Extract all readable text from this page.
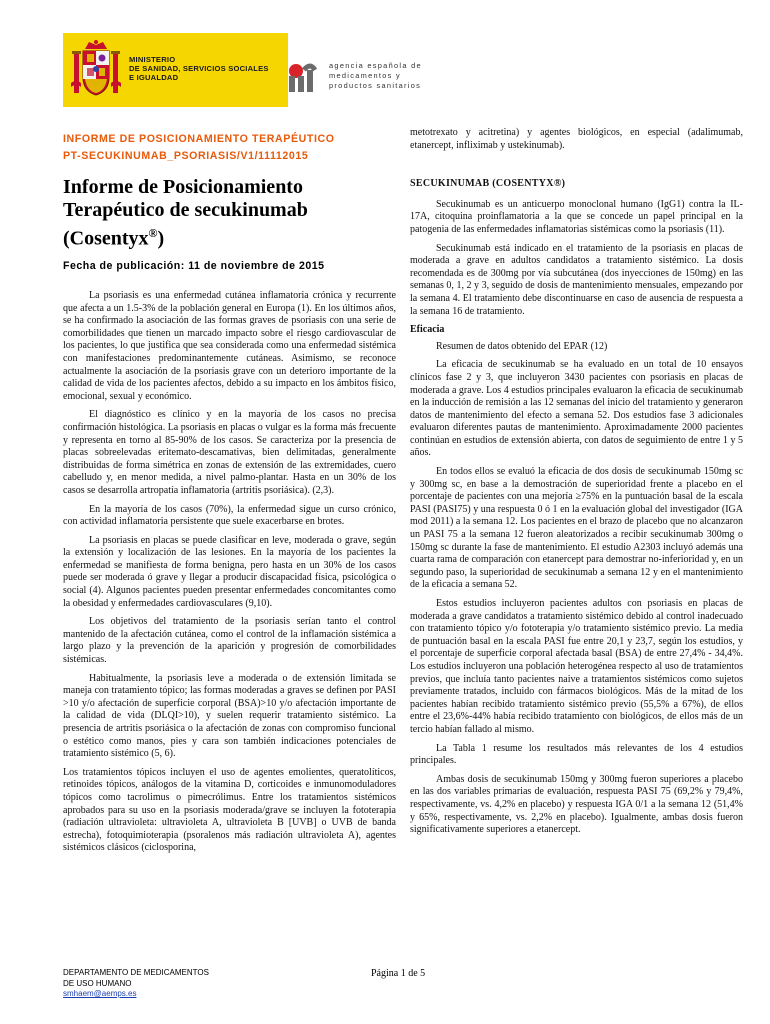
MINISTERIO
DE SANIDAD, SERVICIOS SOCIALES
E IGUALDAD
agencia española de
medicamentos y
productos sanitarios
INFORME DE POSICIONAMIENTO TERAPÉUTICO
PT-SECUKINUMAB_PSORIASIS/V1/11112015
Informe de Posicionamiento Terapéutico de secukinumab (Cosentyx®)
Fecha de publicación: 11 de noviembre de 2015

La psoriasis es una enfermedad cutánea inflamatoria crónica y recurrente que afecta a un 1.5-3% de la población general en Europa (1). En los últimos años, se ha confirmado la asociación de las formas graves de psoriasis con una serie de comorbilidades que tienen un marcado impacto sobre el riesgo cardiovascular de los pacientes, lo que justifica que sea considerada como una enfermedad sistémica con manifestaciones predominantemente cutáneas. Asimismo, se reconoce actualmente la asociación de la psoriasis grave con un deterioro importante de la calidad de vida de los pacientes afectos, debido a su impacto en los ámbitos físico, emocional, sexual y económico.

El diagnóstico es clínico y en la mayoría de los casos no precisa confirmación histológica. La psoriasis en placas o vulgar es la forma más frecuente y representa en torno al 85-90% de los casos. Se caracteriza por la presencia de placas sobreelevadas eritemato-descamativas, bien delimitadas, generalmente distribuidas de forma simétrica en zonas de extensión de las extremidades, cuero cabelludo y, en menor medida, a nivel palmo-plantar. Hasta en un 30% de los casos se desarrolla artropatía inflamatoria (artritis psoriásica). (2,3).

En la mayoría de los casos (70%), la enfermedad sigue un curso crónico, con actividad inflamatoria persistente que suele exacerbarse en brotes.

La psoriasis en placas se puede clasificar en leve, moderada o grave, según la extensión y localización de las lesiones. En la mayoría de los pacientes la enfermedad se manifiesta de forma benigna, pero hasta en un 30% de los casos puede ser moderada ó grave y llegar a producir discapacidad física, psicológica o social (4). Algunos pacientes pueden presentar enfermedades concomitantes como la obesidad y enfermedades cardiovasculares (9,10).

Los objetivos del tratamiento de la psoriasis serían tanto el control mantenido de la afectación cutánea, como el control de la inflamación sistémica a largo plazo y la prevención de la aparición y progresión de comorbilidades sistémicas.

Habitualmente, la psoriasis leve a moderada o de extensión limitada se maneja con tratamiento tópico; las formas moderadas a graves se definen por PASI >10 y/o afectación de superficie corporal (BSA)>10 y/o afectación importante de la calidad de vida (DLQI>10), y suelen requerir tratamiento sistémico. La presencia de artritis psoriásica o la afectación de zonas con compromiso funcional o estético como manos, pies y cara son también indicaciones potenciales de tratamiento sistémico (5, 6).

Los tratamientos tópicos incluyen el uso de agentes emolientes, queratolíticos, retinoides tópicos, análogos de la vitamina D, corticoides e inmunomoduladores tópicos como tacrolimus o pimecrólimus. Entre los tratamientos sistémicos aprobados para su uso en la psoriasis moderada/grave se incluyen la fototerapia (radiación ultravioleta: ultravioleta A, ultravioleta B [UVB] o UVB de banda estrecha), fotoquimioterapia (psoralenos más radiación ultravioleta A), agentes sistémicos clásicos (ciclosporina,

metotrexato y acitretina) y agentes biológicos, en especial (adalimumab, etanercept, infliximab y ustekinumab).

SECUKINUMAB (COSENTYX®)

Secukinumab es un anticuerpo monoclonal humano (IgG1) contra la IL-17A, citoquina proinflamatoria a la que se concede un papel principal en la patogenia de las enfermedades inflamatorias sistémicas como la psoriasis (11).

Secukinumab está indicado en el tratamiento de la psoriasis en placas de moderada a grave en adultos candidatos a tratamiento sistémico. La dosis recomendada es de 300mg por vía subcutánea (dos inyecciones de 150mg) en las semanas 0, 1, 2 y 3, seguido de dosis de mantenimiento mensuales, empezando por la semana 4. El tratamiento debe discontinuarse en caso de ausencia de respuesta a la semana 16 de tratamiento.

Eficacia

Resumen de datos obtenido del EPAR (12)

La eficacia de secukinumab se ha evaluado en un total de 10 ensayos clínicos fase 2 y 3, que incluyeron 3430 pacientes con psoriasis en placas de moderada a grave. Los 4 estudios principales evaluaron la eficacia de secukinumab en la inducción de remisión a las 12 semanas del inicio del tratamiento y generaron datos de mantenimiento del efecto a semana 52. Dos estudios fase 3 adicionales evaluaron diferentes pautas de mantenimiento. Aproximadamente 2000 pacientes continúan en estudios de extensión abierta, con datos de seguimiento de entre 1 y 5 años.

En todos ellos se evaluó la eficacia de dos dosis de secukinumab 150mg sc y 300mg sc, en base a la demostración de superioridad frente a placebo en el porcentaje de pacientes con una mejoría ≥75% en la puntuación basal de la escala PASI (PASI75) y una respuesta 0 ó 1 en la evaluación global del investigador (IGA mod 2011) a la semana 12. Los pacientes en el brazo de placebo que no alcanzaron un PASI 75 a la semana 12 fueron aleatorizados a recibir secukinumab 300mg o 150mg sc durante la fase de mantenimiento. El estudio A2303 incluyó además una cuarta rama de comparación con etanercept para demostrar no-inferioridad y, en un segundo paso, la superioridad de secukinumab a semana 12 y en el mantenimiento de la eficacia a semana 52.

Estos estudios incluyeron pacientes adultos con psoriasis en placas de moderada a grave candidatos a tratamiento sistémico debido al control inadecuado con tratamiento tópico y/o fototerapia y/o tratamiento sistémico previo. La media de puntuación basal en la escala PASI fue entre 20,1 y 23,7, según los estudios, y el porcentaje de superficie corporal afectada basal (BSA) de entre 27,4% - 34,4%. Los estudios incluyeron una población heterogénea respecto al uso de tratamientos previos, que incluía tanto pacientes naive a tratamientos sistémicos como sujetos previamente tratados, incluido con fármacos biológicos. Más de la mitad de los pacientes habían recibido tratamiento sistémico previo (55,5% a 67%), de ellos entre el 23,6%-44% había recibido tratamiento con biológicos, de ellos más de un tercio habían fallado al mismo.

La Tabla 1 resume los resultados más relevantes de los 4 estudios principales.

Ambas dosis de secukinumab 150mg y 300mg fueron superiores a placebo en las dos variables primarias de evaluación, respuesta PASI 75 (69,2% y 79,4%, respectivamente, vs. 4,2% en placebo) y respuesta IGA 0/1 a la semana 12 (51,4% y 65%, respectivamente, vs. 2,2% en placebo). Igualmente, ambas dosis fueron significativamente superiores a etanercept.

DEPARTAMENTO DE MEDICAMENTOS
DE USO HUMANO
smhaem@aemps.es
Página 1 de 5
